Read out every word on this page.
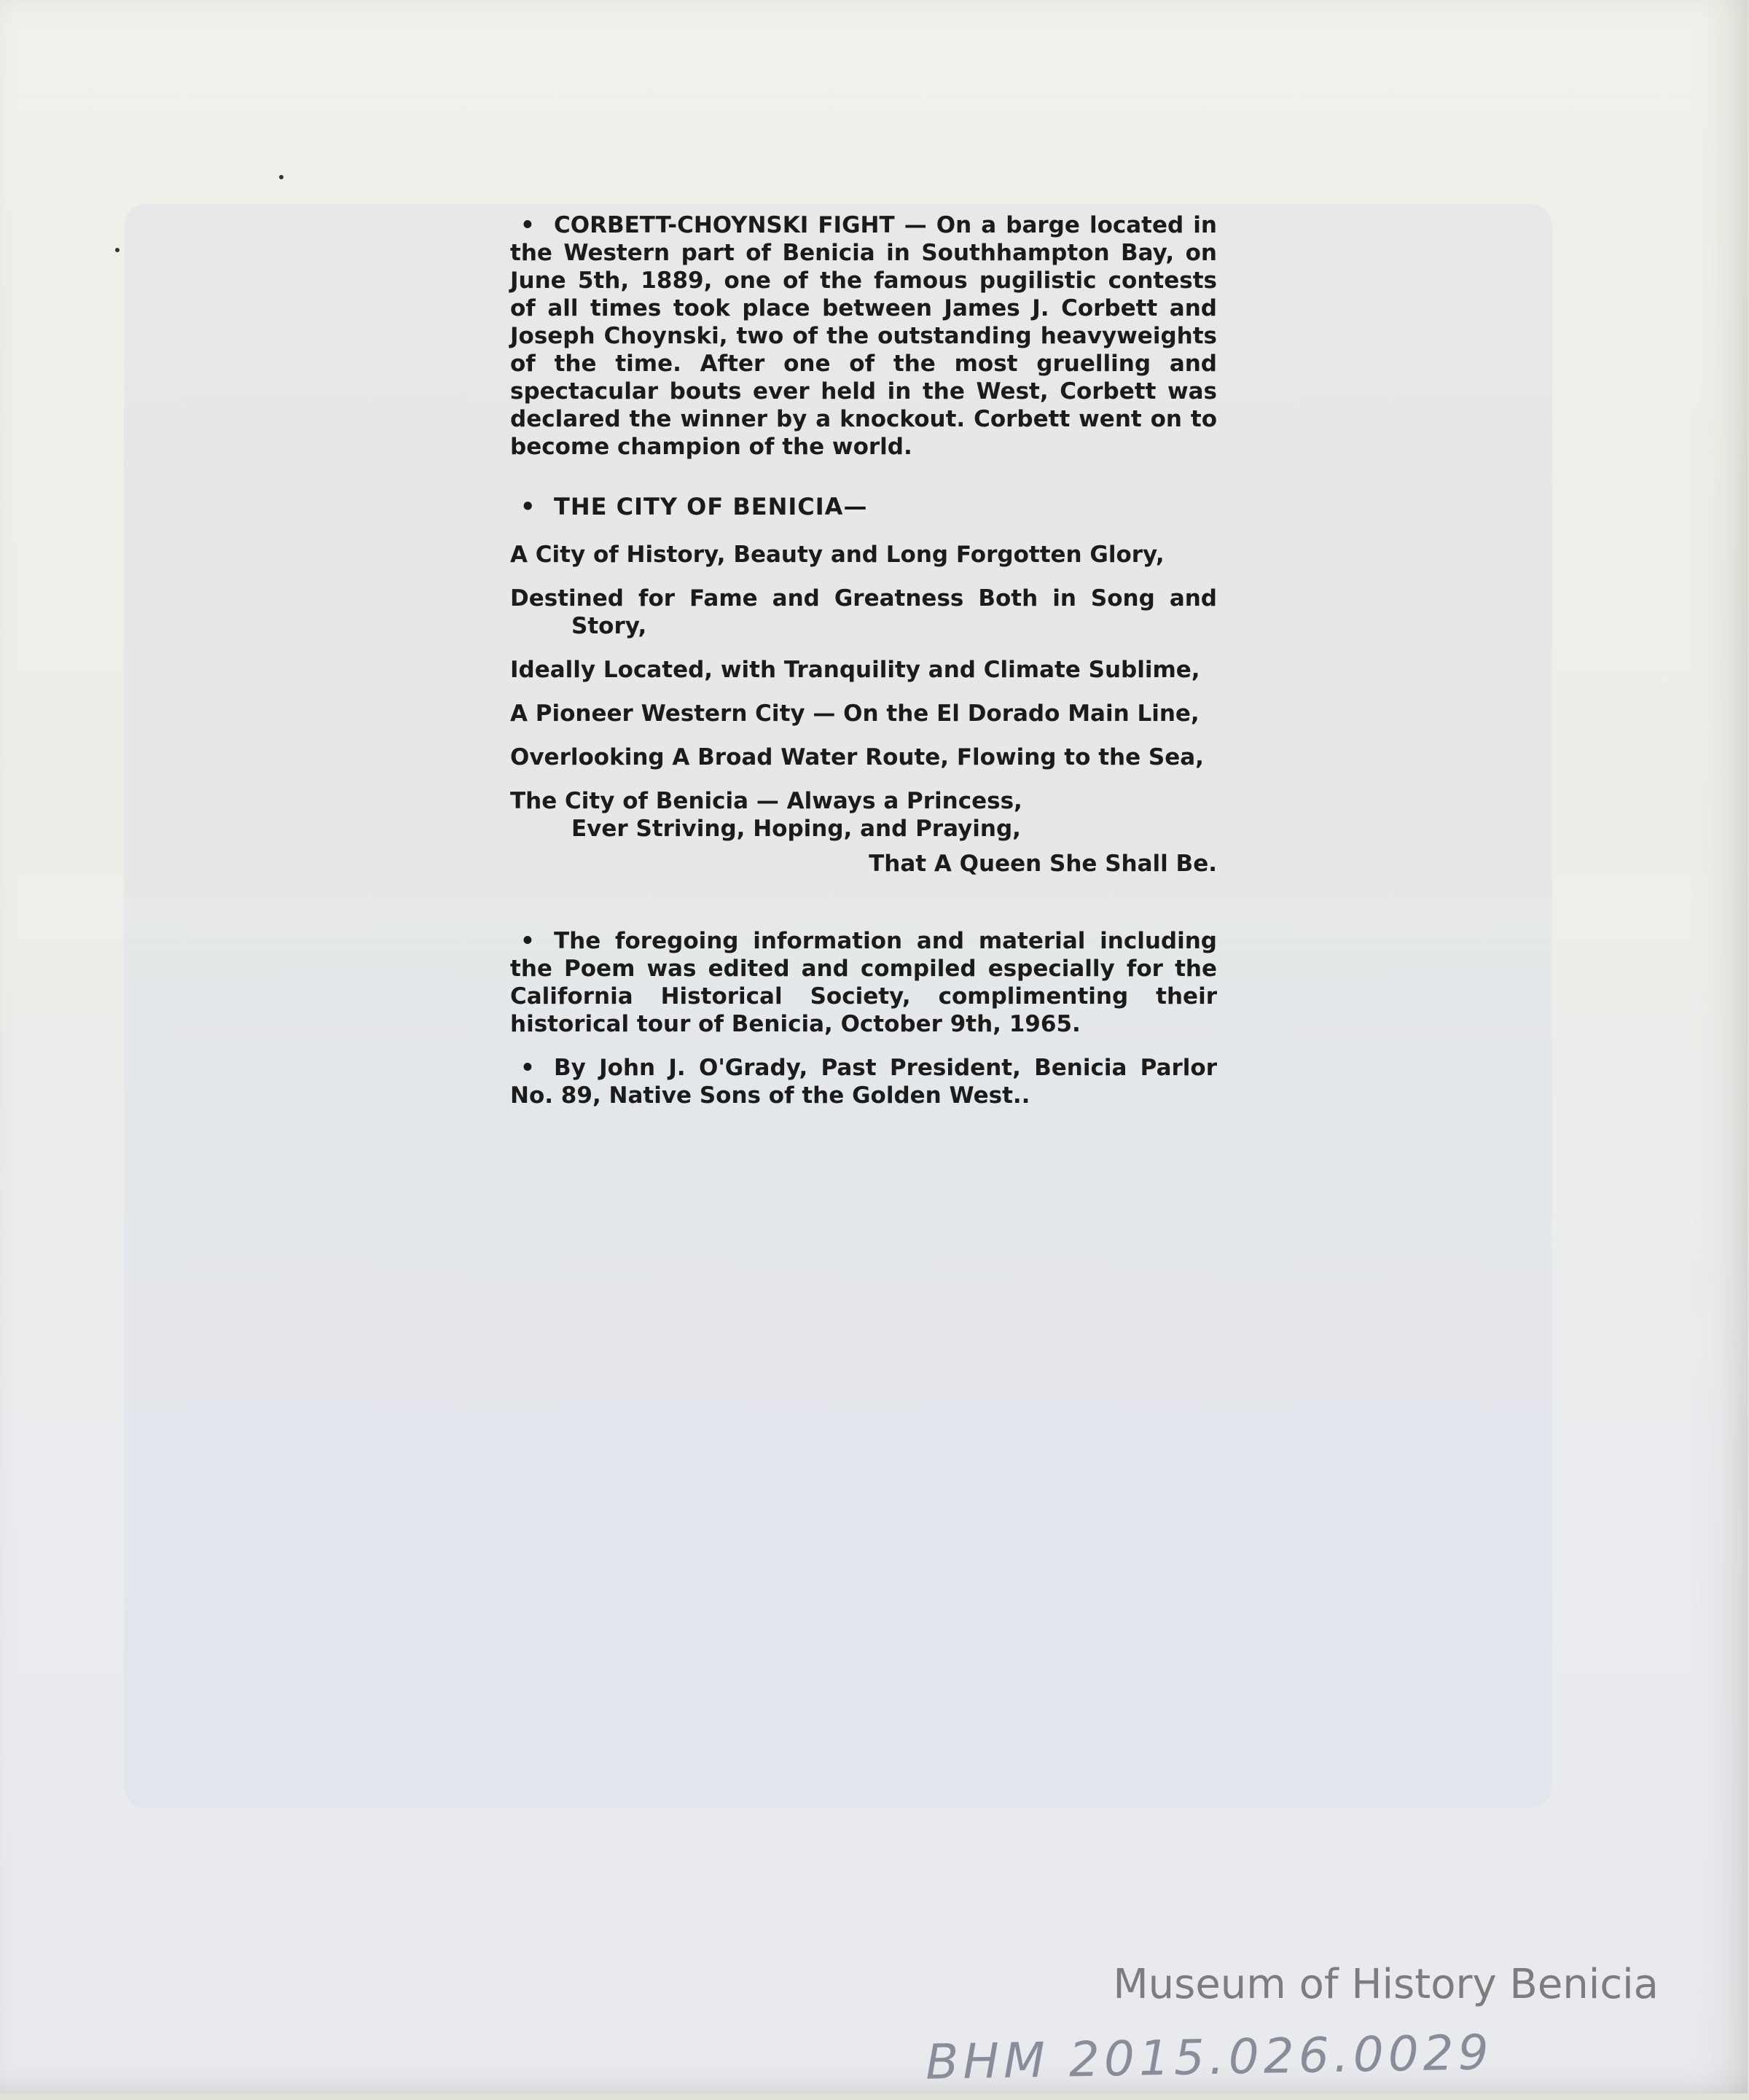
• CORBETT-CHOYNSKI FIGHT — On a barge located in the Western part of Benicia in Southhampton Bay, on June 5th, 1889, one of the famous pugilistic contests of all times took place between James J. Corbett and Joseph Choynski, two of the outstanding heavyweights of the time. After one of the most gruelling and spectacular bouts ever held in the West, Corbett was declared the winner by a knockout. Corbett went on to become champion of the world.

• THE CITY OF BENICIA—

A City of History, Beauty and Long Forgotten Glory,

Destined for Fame and Greatness Both in Song and Story,

Ideally Located, with Tranquility and Climate Sublime,

A Pioneer Western City — On the El Dorado Main Line,

Overlooking A Broad Water Route, Flowing to the Sea,

The City of Benicia — Always a Princess,

Ever Striving, Hoping, and Praying,

That A Queen She Shall Be.

• The foregoing information and material including the Poem was edited and compiled especially for the California Historical Society, complimenting their historical tour of Benicia, October 9th, 1965.

• By John J. O'Grady, Past President, Benicia Parlor No. 89, Native Sons of the Golden West..

Museum of History Benicia
BHM 2015.026.0029
